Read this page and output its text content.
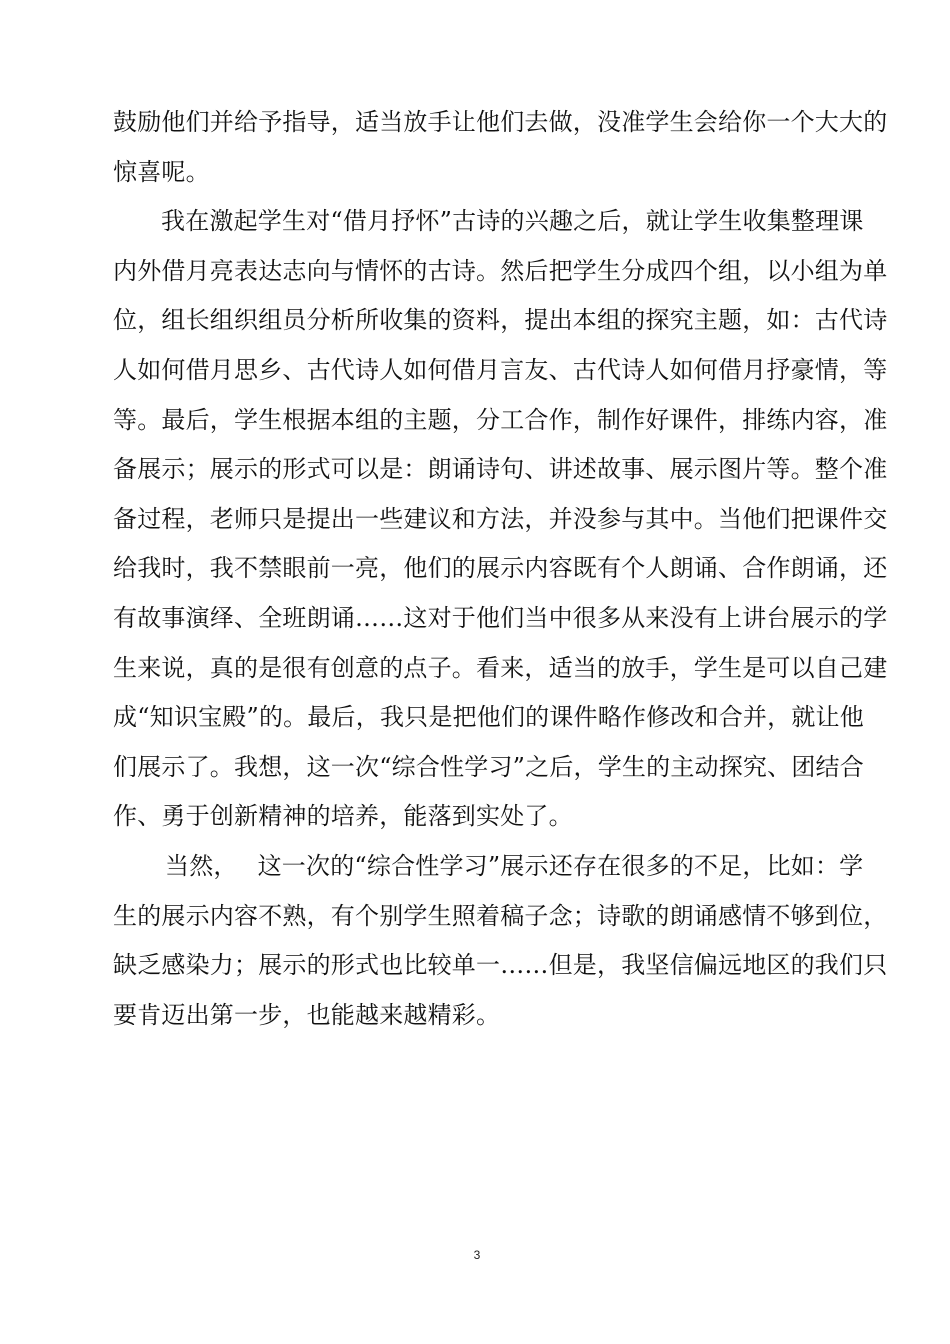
鼓励他们并给予指导，适当放手让他们去做，没准学生会给你一个大大的
惊喜呢。
我在激起学生对“借月抒怀”古诗的兴趣之后，就让学生收集整理课
内外借月亮表达志向与情怀的古诗。然后把学生分成四个组，以小组为单
位，组长组织组员分析所收集的资料，提出本组的探究主题，如：古代诗
人如何借月思乡、古代诗人如何借月言友、古代诗人如何借月抒豪情，等
等。最后，学生根据本组的主题，分工合作，制作好课件，排练内容，准
备展示；展示的形式可以是：朗诵诗句、讲述故事、展示图片等。整个准
备过程，老师只是提出一些建议和方法，并没参与其中。当他们把课件交
给我时，我不禁眼前一亮，他们的展示内容既有个人朗诵、合作朗诵，还
有故事演绎、全班朗诵……这对于他们当中很多从来没有上讲台展示的学
生来说，真的是很有创意的点子。看来，适当的放手，学生是可以自己建
成“知识宝殿”的。最后，我只是把他们的课件略作修改和合并，就让他
们展示了。我想，这一次“综合性学习”之后，学生的主动探究、团结合
作、勇于创新精神的培养，能落到实处了。
当然， 这一次的“综合性学习”展示还存在很多的不足，比如：学
生的展示内容不熟，有个别学生照着稿子念；诗歌的朗诵感情不够到位，
缺乏感染力；展示的形式也比较单一……但是，我坚信偏远地区的我们只
要肯迈出第一步，也能越来越精彩。
3
